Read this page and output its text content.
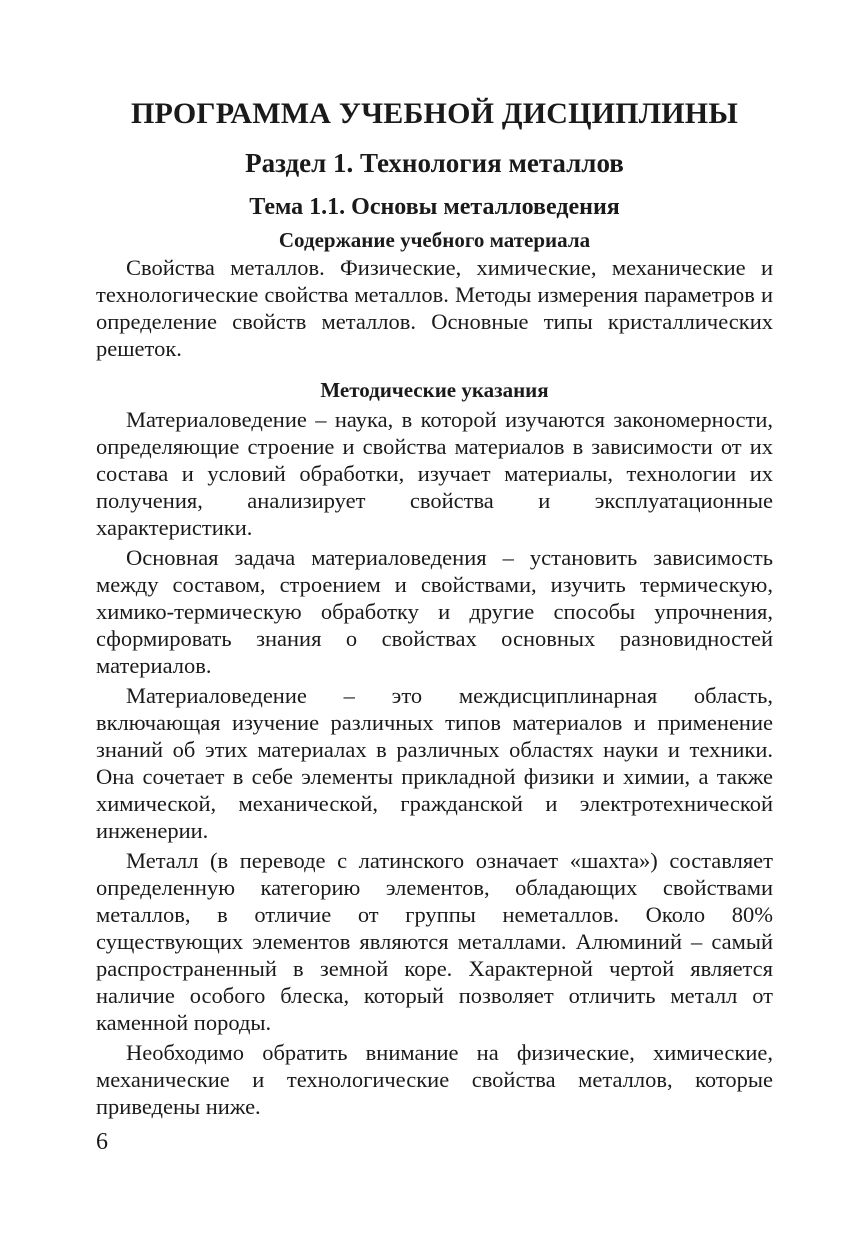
ПРОГРАММА УЧЕБНОЙ ДИСЦИПЛИНЫ
Раздел 1. Технология металлов
Тема 1.1. Основы металловедения
Содержание учебного материала

Свойства металлов. Физические, химические, механические и технологические свойства металлов. Методы измерения параметров и определение свойств металлов. Основные типы кристаллических решеток.

Методические указания

Материаловедение – наука, в которой изучаются закономерности, определяющие строение и свойства материалов в зависимости от их состава и условий обработки, изучает материалы, технологии их получения, анализирует свойства и эксплуатационные характеристики.

Основная задача материаловедения – установить зависимость между составом, строением и свойствами, изучить термическую, химико-термическую обработку и другие способы упрочнения, сформировать знания о свойствах основных разновидностей материалов.

Материаловедение – это междисциплинарная область, включающая изучение различных типов материалов и применение знаний об этих материалах в различных областях науки и техники. Она сочетает в себе элементы прикладной физики и химии, а также химической, механической, гражданской и электротехнической инженерии.

Металл (в переводе с латинского означает «шахта») составляет определенную категорию элементов, обладающих свойствами металлов, в отличие от группы неметаллов. Около 80% существующих элементов являются металлами. Алюминий – самый распространенный в земной коре. Характерной чертой является наличие особого блеска, который позволяет отличить металл от каменной породы.

Необходимо обратить внимание на физические, химические, механические и технологические свойства металлов, которые приведены ниже.

6
